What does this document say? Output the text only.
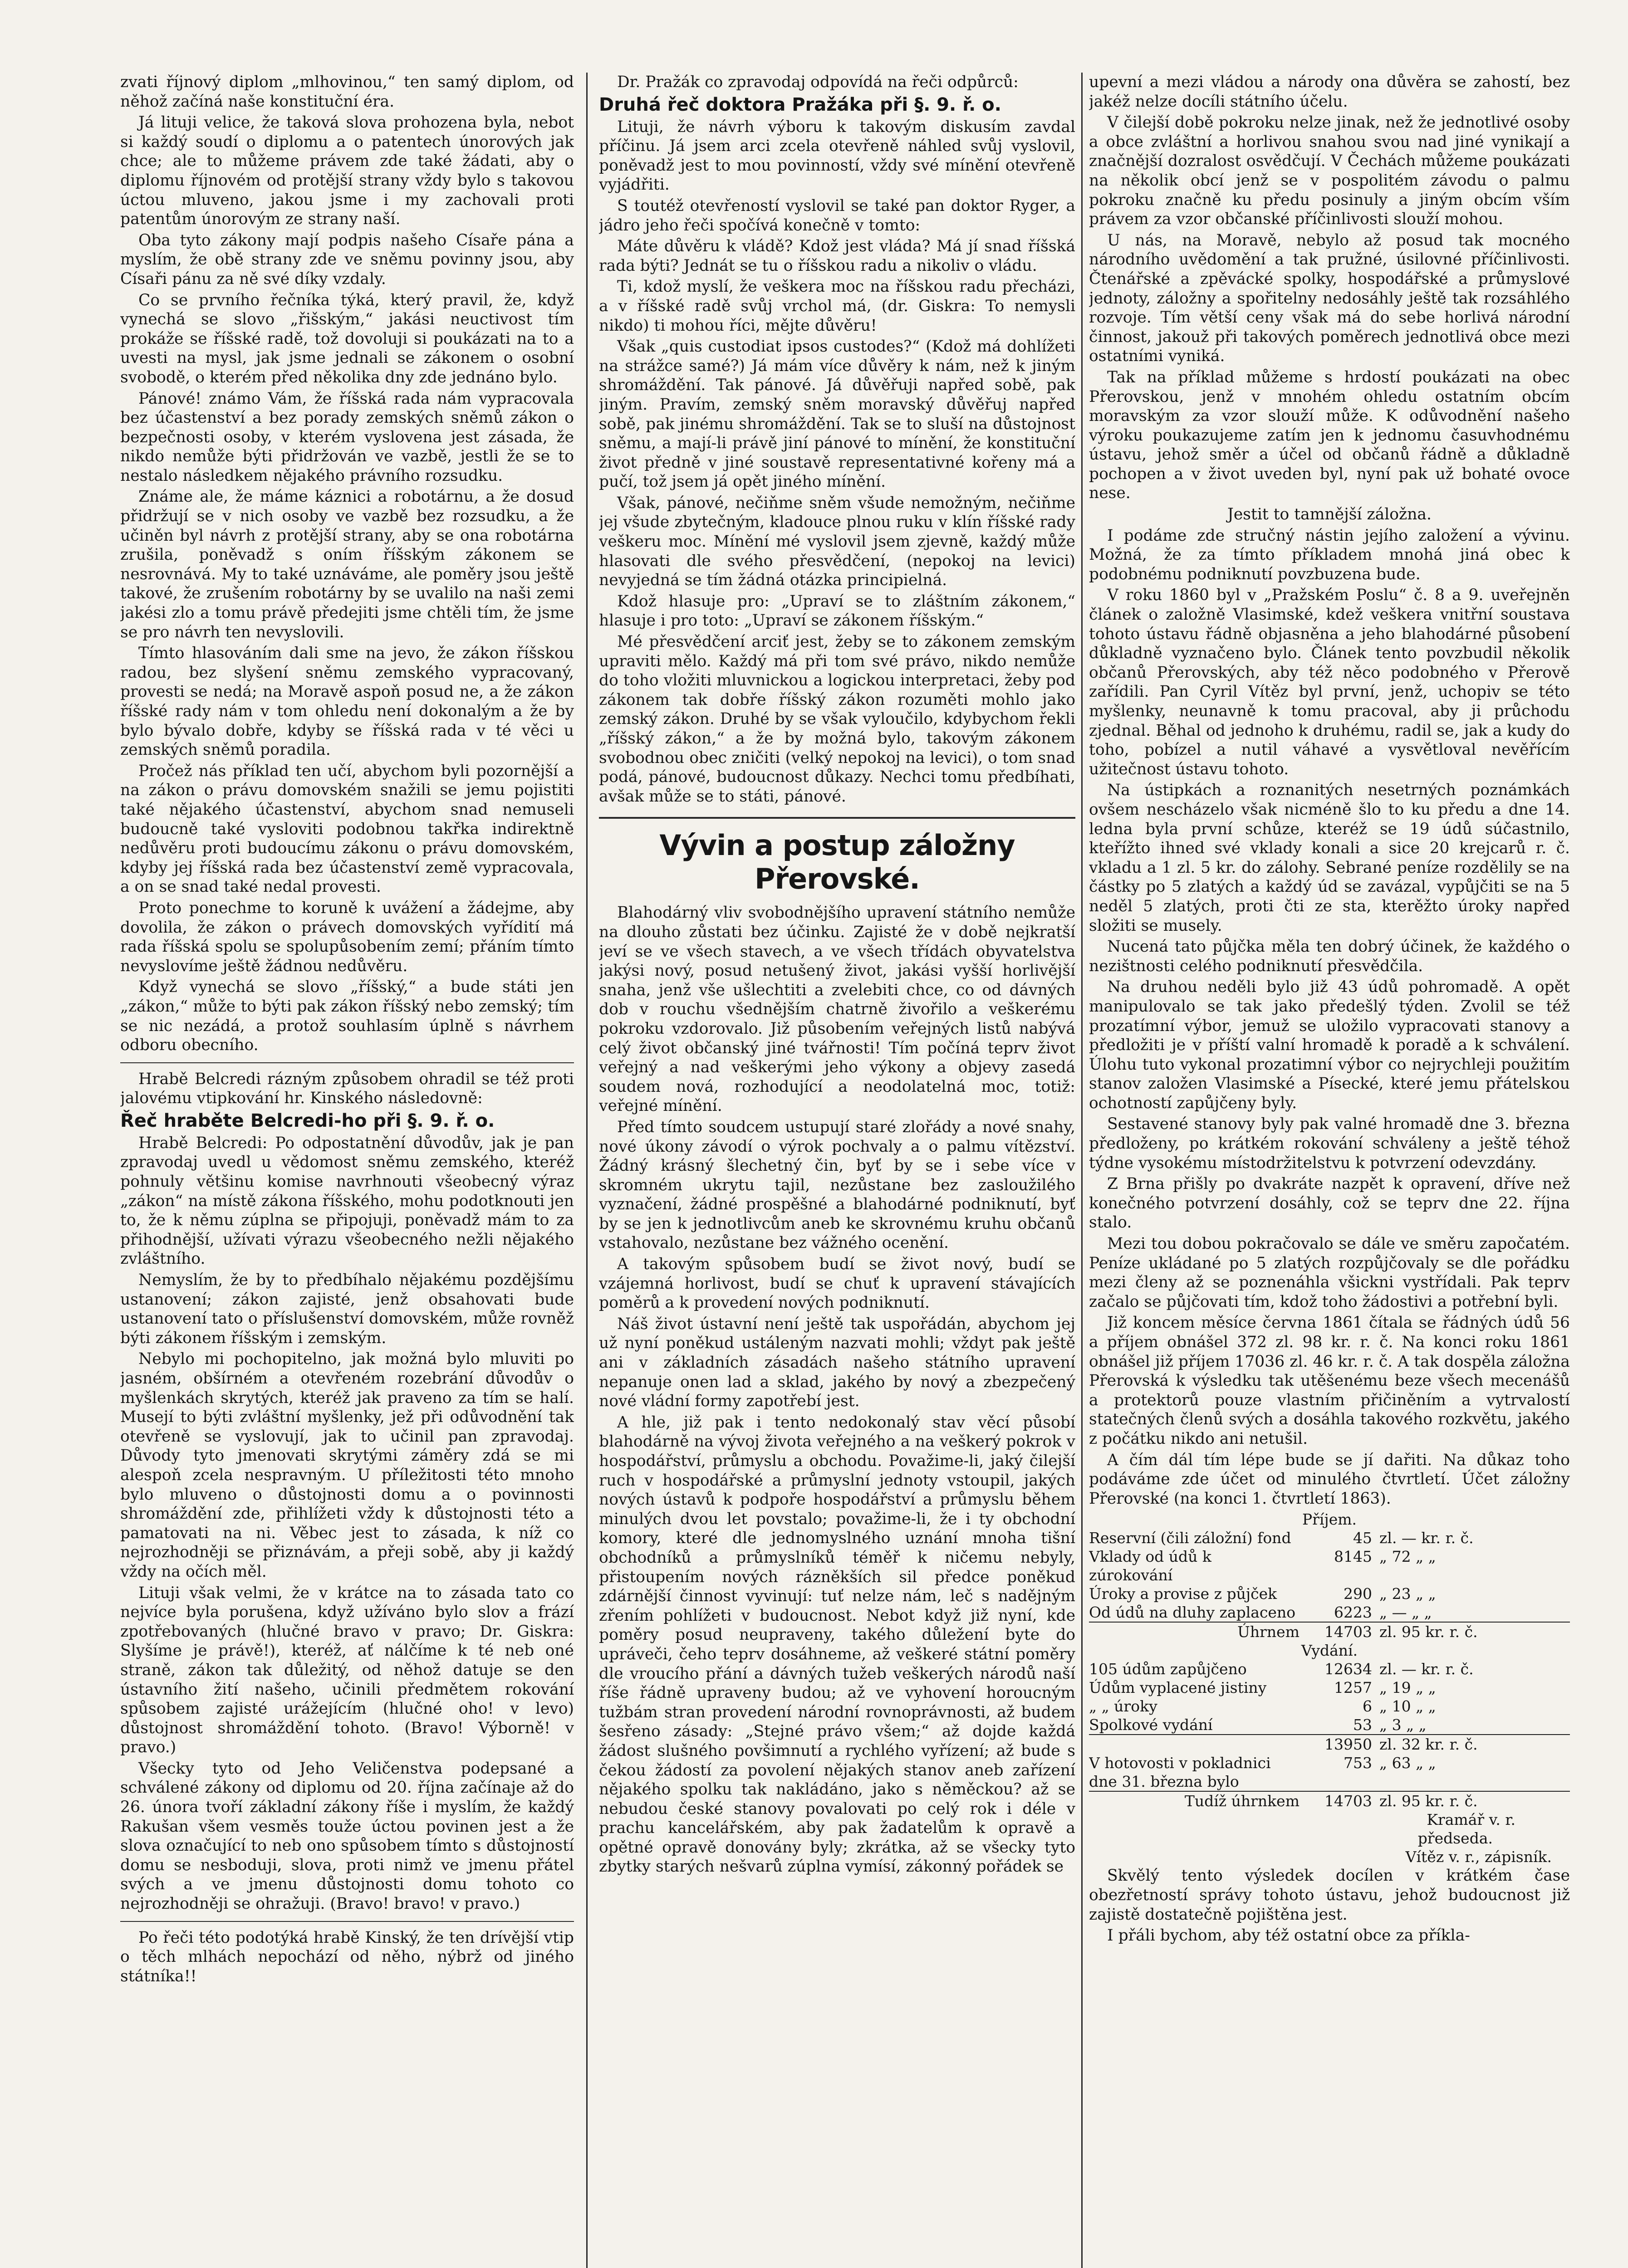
zvati říjnový diplom „mlhovinou,“ ten samý diplom, od něhož začíná naše konstituční éra.

Já lituji velice, že taková slova prohozena byla, nebot si každý soudí o diplomu a o patentech únorových jak chce; ale to můžeme právem zde také žádati, aby o diplomu říjnovém od protější strany vždy bylo s takovou úctou mluveno, jakou jsme i my zachovali proti patentům únorovým ze strany naší.

Oba tyto zákony mají podpis našeho Císaře pána a myslím, že obě strany zde ve sněmu povinny jsou, aby Císaři pánu za ně své díky vzdaly.

Co se prvního řečníka týká, který pravil, že, když vynechá se slovo „řišským,“ jakási neuctivost tím prokáže se říšské radě, tož dovoluji si poukázati na to a uvesti na mysl, jak jsme jednali se zákonem o osobní svobodě, o kterém před několika dny zde jednáno bylo.

Pánové! známo Vám, že říšská rada nám vypracovala bez účastenství a bez porady zemských sněmů zákon o bezpečnosti osoby, v kterém vyslovena jest zásada, že nikdo nemůže býti přidržován ve vazbě, jestli že se to nestalo následkem nějakého právního rozsudku.

Známe ale, že máme káznici a robotárnu, a že dosud přidržují se v nich osoby ve vazbě bez rozsudku, a že učiněn byl návrh z protější strany, aby se ona robotárna zrušila, poněvadž s oním říšským zákonem se nesrovnává. My to také uznáváme, ale poměry jsou ještě takové, že zrušením robotárny by se uvalilo na naši zemi jakési zlo a tomu právě předejiti jsme chtěli tím, že jsme se pro návrh ten nevyslovili.

Tímto hlasováním dali sme na jevo, že zákon říšskou radou, bez slyšení sněmu zemského vypracovaný, provesti se nedá; na Moravě aspoň posud ne, a že zákon říšské rady nám v tom ohledu není dokonalým a že by bylo bývalo dobře, kdyby se říšská rada v té věci u zemských sněmů poradila.

Pročež nás příklad ten učí, abychom byli pozornější a na zákon o právu domovském snažili se jemu pojistiti také nějakého účastenství, abychom snad nemuseli budoucně také vysloviti podobnou takřka indirektně nedůvěru proti budoucímu zákonu o právu domovském, kdyby jej říšská rada bez účastenství země vypracovala, a on se snad také nedal provesti.

Proto ponechme to koruně k uvážení a žádejme, aby dovolila, že zákon o právech domovských vyřídití má rada říšská spolu se spolupůsobením zemí; přáním tímto nevyslovíme ještě žádnou nedůvěru.

Když vynechá se slovo „říšský,“ a bude státi jen „zákon,“ může to býti pak zákon říšský nebo zemský; tím se nic nezádá, a protož souhlasím úplně s návrhem odboru obecního.

Hrabě Belcredi rázným způsobem ohradil se též proti jalovému vtipkování hr. Kinského následovně:

Řeč hraběte Belcredi-ho při §. 9. ř. o.

Hrabě Belcredi: Po odpostatnění důvodův, jak je pan zpravodaj uvedl u vědomost sněmu zemského, kteréž pohnuly většinu komise navrhnouti všeobecný výraz „zákon“ na místě zákona říšského, mohu podotknouti jen to, že k němu zúplna se připojuji, poněvadž mám to za přihodnější, užívati výrazu všeobecného nežli nějakého zvláštního.

Nemyslím, že by to předbíhalo nějakému pozdějšímu ustanovení; zákon zajisté, jenž obsahovati bude ustanovení tato o příslušenství domovském, může rovněž býti zákonem říšským i zemským.

Nebylo mi pochopitelno, jak možná bylo mluviti po jasném, obšírném a otevřeném rozebrání důvodův o myšlenkách skrytých, kteréž jak praveno za tím se halí. Musejí to býti zvláštní myšlenky, jež při odůvodnění tak otevřeně se vyslovují, jak to učinil pan zpravodaj. Důvody tyto jmenovati skrytými záměry zdá se mi alespoň zcela nespravným. U příležitosti této mnoho bylo mluveno o důstojnosti domu a o povinnosti shromáždění zde, přihlížeti vždy k důstojnosti této a pamatovati na ni. Věbec jest to zásada, k níž co nejrozhodněji se přiznávám, a přeji sobě, aby ji každý vždy na očích měl.

Lituji však velmi, že v krátce na to zásada tato co nejvíce byla porušena, když užíváno bylo slov a frází zpotřebovaných (hlučné bravo v pravo; Dr. Giskra: Slyšíme je právě!), kteréž, ať nálčíme k té neb oné straně, zákon tak důležitý, od něhož datuje se den ústavního žití našeho, učinili předmětem rokování spůsobem zajisté urážejícím (hlučné oho! v levo) důstojnost shromáždění tohoto. (Bravo! Výborně! v pravo.)

Všecky tyto od Jeho Veličenstva podepsané a schválené zákony od diplomu od 20. října začínaje až do 26. února tvoří základní zákony říše i myslím, že každý Rakušan všem vesměs touže úctou povinen jest a že slova označující to neb ono spůsobem tímto s důstojností domu se nesboduji, slova, proti nimž ve jmenu přátel svých a ve jmenu důstojnosti domu tohoto co nejrozhodněji se ohražuji. (Bravo! bravo! v pravo.)

Po řeči této podotýká hrabě Kinský, že ten drívější vtip o těch mlhách nepochází od něho, nýbrž od jiného státníka!!

Dr. Pražák co zpravodaj odpovídá na řeči odpůrců:

Druhá řeč doktora Pražáka při §. 9. ř. o.

Lituji, že návrh výboru k takovým diskusím zavdal příčinu. Já jsem arci zcela otevřeně náhled svůj vyslovil, poněvadž jest to mou povinností, vždy své mínění otevřeně vyjádřiti.

S toutéž otevřeností vyslovil se také pan doktor Ryger, a jádro jeho řeči spočívá konečně v tomto:

Máte důvěru k vládě? Kdož jest vláda? Má jí snad říšská rada býti? Jednát se tu o říšskou radu a nikoliv o vládu.

Ti, kdož myslí, že veškera moc na říšskou radu přecházi, a v říšské radě svůj vrchol má, (dr. Giskra: To nemysli nikdo) ti mohou říci, mějte důvěru!

Však „quis custodiat ipsos custodes?“ (Kdož má dohlížeti na strážce samé?) Já mám více důvěry k nám, než k jiným shromáždění. Tak pánové. Já důvěřuji napřed sobě, pak jiným. Pravím, zemský sněm moravský důvěřuj napřed sobě, pak jinému shromáždění. Tak se to sluší na důstojnost sněmu, a mají-li právě jiní pánové to mínění, že konstituční život předně v jiné soustavě representativné kořeny má a pučí, tož jsem já opět jiného mínění.

Však, pánové, nečiňme sněm všude nemožným, nečiňme jej všude zbytečným, kladouce plnou ruku v klín říšské rady veškeru moc. Mínění mé vyslovil jsem zjevně, každý může hlasovati dle svého přesvědčení, (nepokoj na levici) nevyjedná se tím žádná otázka principielná.

Kdož hlasuje pro: „Upraví se to zláštním zákonem,“ hlasuje i pro toto: „Upraví se zákonem říšským.“

Mé přesvědčení arciť jest, žeby se to zákonem zemským upraviti mělo. Každý má při tom své právo, nikdo nemůže do toho vložiti mluvnickou a logickou interpretaci, žeby pod zákonem tak dobře říšský zákon rozuměti mohlo jako zemský zákon. Druhé by se však vyloučilo, kdybychom řekli „říšský zákon,“ a že by možná bylo, takovým zákonem svobodnou obec zničiti (velký nepokoj na levici), o tom snad podá, pánové, budoucnost důkazy. Nechci tomu předbíhati, avšak může se to státi, pánové.

Vývin a postup záložny Přerovské.

Blahodárný vliv svobodnějšího upravení státního nemůže na dlouho zůstati bez účinku. Zajisté že v době nejkratší jeví se ve všech stavech, a ve všech třídách obyvatelstva jakýsi nový, posud netušený život, jakási vyšší horlivější snaha, jenž vše ušlechtiti a zvelebiti chce, co od dávných dob v rouchu všednějším chatrně živořilo a veškerému pokroku vzdorovalo. Již působením veřejných listů nabývá celý život občanský jiné tvářnosti! Tím počíná teprv život veřejný a nad veškerými jeho výkony a objevy zasedá soudem nová, rozhodující a neodolatelná moc, totiž: veřejné mínění.

Před tímto soudcem ustupují staré zlořády a nové snahy, nové úkony závodí o výrok pochvaly a o palmu vítězství. Žádný krásný šlechetný čin, byť by se i sebe více v skromném ukrytu tajil, nezůstane bez zasloužilého vyznačení, žádné prospěšné a blahodárné podniknutí, byť by se jen k jednotlivcům aneb ke skrovnému kruhu občanů vstahovalo, nezůstane bez vážného ocenění.

A takovým spůsobem budí se život nový, budí se vzájemná horlivost, budí se chuť k upravení stávajících poměrů a k provedení nových podniknutí.

Náš život ústavní není ještě tak uspořádán, abychom jej už nyní poněkud ustáleným nazvati mohli; vždyt pak ještě ani v základních zásadách našeho státního upravení nepanuje onen lad a sklad, jakého by nový a zbezpečený nové vládní formy zapotřebí jest.

A hle, již pak i tento nedokonalý stav věcí působí blahodárně na vývoj života veřejného a na veškerý pokrok v hospodářství, průmyslu a obchodu. Považime-li, jaký čilejší ruch v hospodářské a průmyslní jednoty vstoupil, jakých nových ústavů k podpoře hospodářství a průmyslu během minulých dvou let povstalo; považime-li, že i ty obchodní komory, které dle jednomyslného uznání mnoha tišní obchodníků a průmyslníků téměř k ničemu nebyly, přistoupením nových rázněkších sil předce poněkud zdárnější činnost vyvinují: tuť nelze nám, leč s nadějným zřením pohlížeti v budoucnost. Nebot když již nyní, kde poměry posud neupraveny, takého důležení byte do upráveči, čeho teprv dosáhneme, až veškeré státní poměry dle vroucího přání a dávných tužeb veškerých národů naší říše řádně upraveny budou; až ve vyhovení horoucným tužbám stran provedení národní rovnoprávnosti, až budem šesřeno zásady: „Stejné právo všem;“ až dojde každá žádost slušného povšimnutí a rychlého vyřízení; až bude s čekou žádostí za povolení nějakých stanov aneb zařízení nějakého spolku tak nakládáno, jako s něměckou? až se nebudou české stanovy povalovati po celý rok i déle v prachu kancelářském, aby pak žadatelům k opravě a opětné opravě donovány byly; zkrátka, až se všecky tyto zbytky starých nešvarů zúplna vymísí, zákonný pořádek se

upevní a mezi vládou a národy ona důvěra se zahostí, bez jakéž nelze docíli státního účelu.

V čilejší době pokroku nelze jinak, než že jednotlivé osoby a obce zvláštní a horlivou snahou svou nad jiné vynikají a značnější dozralost osvědčují. V Čechách můžeme poukázati na několik obcí jenž se v pospolitém závodu o palmu pokroku značně ku předu posinuly a jiným obcím vším právem za vzor občanské příčinlivosti slouží mohou.

U nás, na Moravě, nebylo až posud tak mocného národního uvědomění a tak pružné, úsilovné příčinlivosti. Čtenářské a zpěvácké spolky, hospodářské a průmyslové jednoty, záložny a spořitelny nedosáhly ještě tak rozsáhlého rozvoje. Tím větší ceny však má do sebe horlivá národní činnost, jakouž při takových poměrech jednotlivá obce mezi ostatními vyniká.

Tak na příklad můžeme s hrdostí poukázati na obec Přerovskou, jenž v mnohém ohledu ostatním obcím moravským za vzor slouží může. K odůvodnění našeho výroku poukazujeme zatím jen k jednomu časuvhodnému ústavu, jehož směr a účel od občanů řádně a důkladně pochopen a v život uveden byl, nyní pak už bohaté ovoce nese.

Jestit to tamnější záložna.

I podáme zde stručný nástin jejího založení a vývinu. Možná, že za tímto příkladem mnohá jiná obec k podobnému podniknutí povzbuzena bude.

V roku 1860 byl v „Pražském Poslu“ č. 8 a 9. uveřejněn článek o založně Vlasimské, kdež veškera vnitřní soustava tohoto ústavu řádně objasněna a jeho blahodárné působení důkladně vyznačeno bylo. Článek tento povzbudil několik občanů Přerovských, aby též něco podobného v Přerově zařídili. Pan Cyril Vítěz byl první, jenž, uchopiv se této myšlenky, neunavně k tomu pracoval, aby ji průchodu zjednal. Běhal od jednoho k druhému, radil se, jak a kudy do toho, pobízel a nutil váhavé a vysvětloval nevěřícím užitečnost ústavu tohoto.

Na ústipkách a roznanitých nesetrných poznámkách ovšem nescházelo však nicméně šlo to ku předu a dne 14. ledna byla první schůze, kteréž se 19 údů súčastnilo, kteřížto ihned své vklady konali a sice 20 krejcarů r. č. vkladu a 1 zl. 5 kr. do zálohy. Sebrané peníze rozdělily se na částky po 5 zlatých a každý úd se zavázal, vypůjčiti se na 5 neděl 5 zlatých, proti čti ze sta, kterěžto úroky napřed složiti se musely.

Nucená tato půjčka měla ten dobrý účinek, že každého o nezištnosti celého podniknutí přesvědčila.

Na druhou neděli bylo již 43 údů pohromadě. A opět manipulovalo se tak jako předešlý týden. Zvolil se též prozatímní výbor, jemuž se uložilo vypracovati stanovy a předložiti je v příští valní hromadě k poradě a k schválení. Úlohu tuto vykonal prozatimní výbor co nejrychleji použitím stanov založen Vlasimské a Písecké, které jemu přátelskou ochotností zapůjčeny byly.

Sestavené stanovy byly pak valné hromadě dne 3. března předloženy, po krátkém rokování schváleny a ještě téhož týdne vysokému místodržitelstvu k potvrzení odevzdány.

Z Brna přišly po dvakráte nazpět k opravení, dříve než konečného potvrzení dosáhly, což se teprv dne 22. října stalo.

Mezi tou dobou pokračovalo se dále ve směru započatém. Peníze ukládané po 5 zlatých rozpůjčovaly se dle pořádku mezi členy až se poznenáhla všickni vystřídali. Pak teprv začalo se půjčovati tím, kdož toho žádostivi a potřební byli.

Již koncem měsíce června 1861 čítala se řádných údů 56 a příjem obnášel 372 zl. 98 kr. r. č. Na konci roku 1861 obnášel již příjem 17036 zl. 46 kr. r. č. A tak dospěla záložna Přerovská k výsledku tak utěšenému beze všech mecenášů a protektorů pouze vlastním přičiněním a vytrvalostí statečných členů svých a dosáhla takového rozkvětu, jakého z počátku nikdo ani netušil.

A čím dál tím lépe bude se jí dařiti. Na důkaz toho podáváme zde účet od minulého čtvrtletí. Účet záložny Přerovské (na konci 1. čtvrtletí 1863).

Příjem.
Reservní (čili záložní) fond	45 zl. — kr. r. č.
Vklady od údů k zúrokování
8145 „ 72 „ „
Úroky a provise z půjček	290 „ 23 „ „
Od údů na dluhy zaplaceno	6223 „ — „ „
Úhrnem	14703 zl. 95 kr. r. č.
Vydání.
105 údům zapůjčeno	12634 zl. — kr. r. č.
Údům vyplacené jistiny	1257 „ 19 „ „
„ „ úroky	6 „ 10 „ „
Spolkové vydání	53 „ 3 „ „
13950 zl. 32 kr. r. č.
V hotovosti v pokladnici dne 31. března bylo
753 „ 63 „ „
Tudíž úhrnkem	14703 zl. 95 kr. r. č.
Kramář v. r.
předseda.
Vítěz v. r., zápisník.

Skvělý tento výsledek docílen v krátkém čase obezřetností správy tohoto ústavu, jehož budoucnost již zajistě dostatečně pojištěna jest.

I přáli bychom, aby též ostatní obce za příkla-
